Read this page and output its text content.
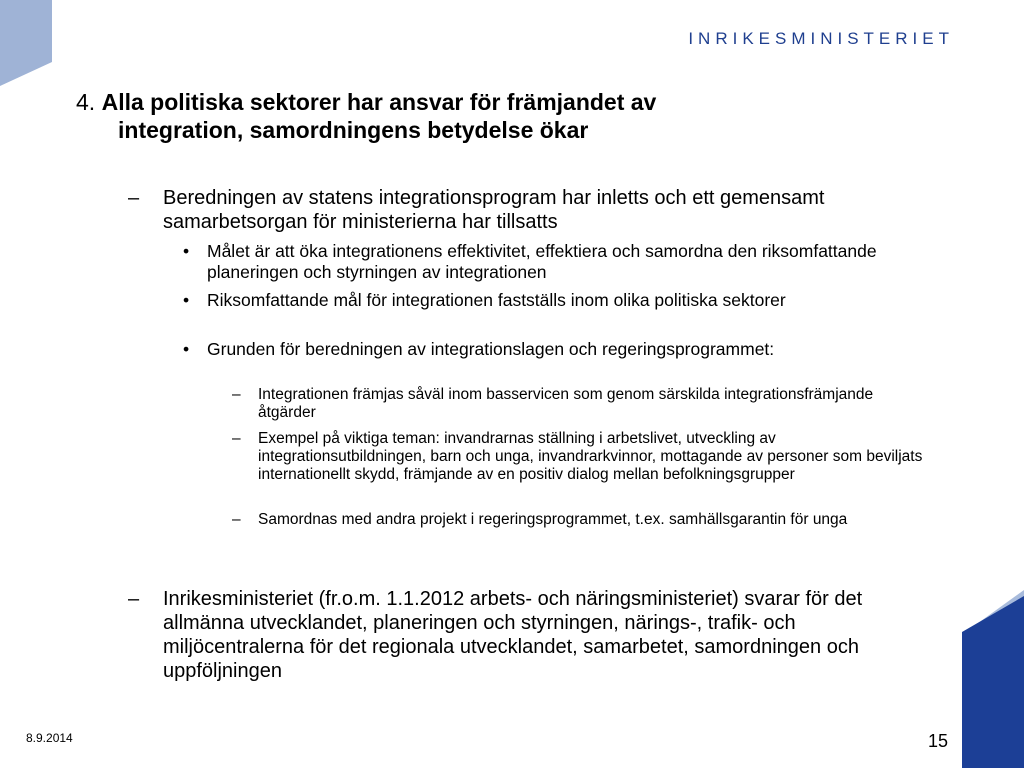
INRIKESMINISTERIET
4. Alla politiska sektorer har ansvar för främjandet av
integration, samordningens betydelse ökar
– Beredningen av statens integrationsprogram har inletts och ett gemensamt samarbetsorgan för ministerierna har tillsatts
• Målet är att öka integrationens effektivitet, effektiera och samordna den riksomfattande planeringen och styrningen av integrationen
• Riksomfattande mål för integrationen fastställs inom olika politiska sektorer
• Grunden för beredningen av integrationslagen och regeringsprogrammet:
– Integrationen främjas såväl inom basservicen som genom särskilda integrationsfrämjande åtgärder
– Exempel på viktiga teman: invandrarnas ställning i arbetslivet, utveckling av integrationsutbildningen, barn och unga, invandrarkvinnor, mottagande av personer som beviljats internationellt skydd, främjande av en positiv dialog mellan befolkningsgrupper
– Samordnas med andra projekt i regeringsprogrammet, t.ex. samhällsgarantin för unga
– Inrikesministeriet (fr.o.m. 1.1.2012 arbets- och näringsministeriet) svarar för det allmänna utvecklandet, planeringen och styrningen, närings-, trafik- och miljöcentralerna för det regionala utvecklandet, samarbetet, samordningen och uppföljningen
8.9.2014	15
